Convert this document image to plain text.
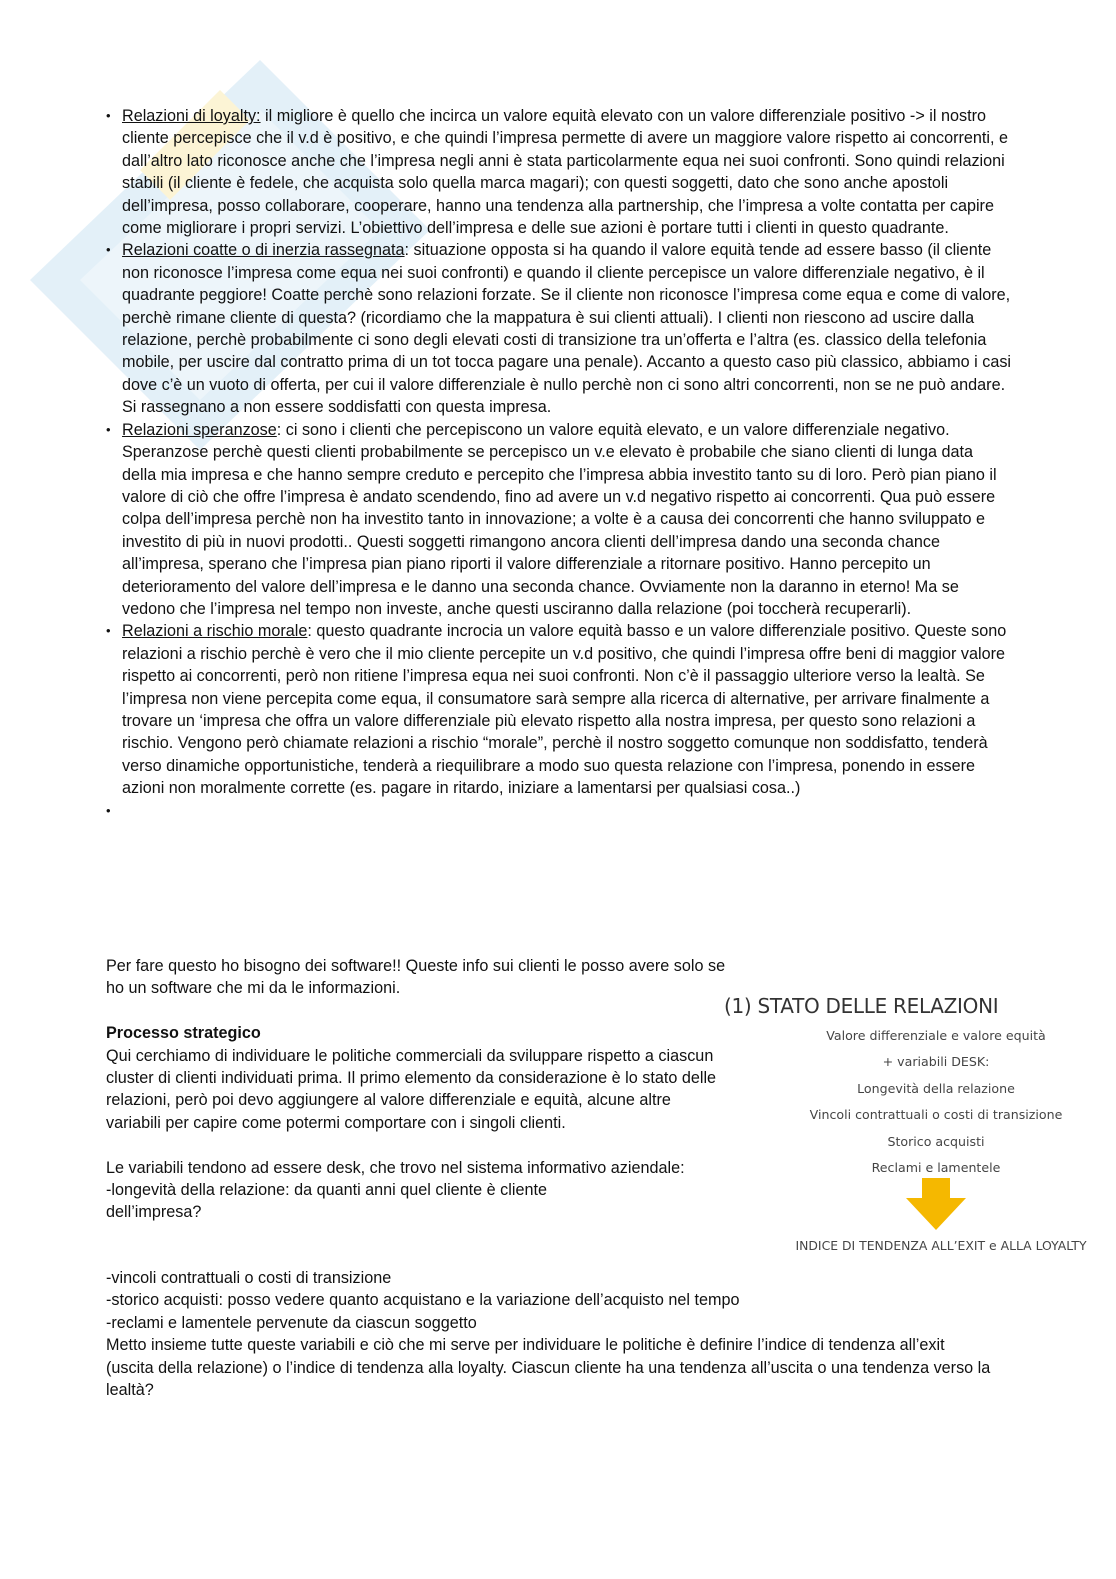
• Relazioni di loyalty: il migliore è quello che incirca un valore equità elevato con un valore differenziale positivo -> il nostro cliente percepisce che il v.d è positivo, e che quindi l’impresa permette di avere un maggiore valore rispetto ai concorrenti, e dall’altro lato riconosce anche che l’impresa negli anni è stata particolarmente equa nei suoi confronti. Sono quindi relazioni stabili (il cliente è fedele, che acquista solo quella marca magari); con questi soggetti, dato che sono anche apostoli dell’impresa, posso collaborare, cooperare, hanno una tendenza alla partnership, che l’impresa a volte contatta per capire come migliorare i propri servizi. L’obiettivo dell’impresa e delle sue azioni è portare tutti i clienti in questo quadrante.
• Relazioni coatte o di inerzia rassegnata: situazione opposta si ha quando il valore equità tende ad essere basso (il cliente non riconosce l’impresa come equa nei suoi confronti) e quando il cliente percepisce un valore differenziale negativo, è il quadrante peggiore! Coatte perchè sono relazioni forzate. Se il cliente non riconosce l’impresa come equa e come di valore, perchè rimane cliente di questa? (ricordiamo che la mappatura è sui clienti attuali). I clienti non riescono ad uscire dalla relazione, perchè probabilmente ci sono degli elevati costi di transizione tra un’offerta e l’altra (es. classico della telefonia mobile, per uscire dal contratto prima di un tot tocca pagare una penale). Accanto a questo caso più classico, abbiamo i casi dove c’è un vuoto di offerta, per cui il valore differenziale è nullo perchè non ci sono altri concorrenti, non se ne può andare. Si rassegnano a non essere soddisfatti con questa impresa.
• Relazioni speranzose: ci sono i clienti che percepiscono un valore equità elevato, e un valore differenziale negativo. Speranzose perchè questi clienti probabilmente se percepisco un v.e elevato è probabile che siano clienti di lunga data della mia impresa e che hanno sempre creduto e percepito che l’impresa abbia investito tanto su di loro. Però pian piano il valore di ciò che offre l’impresa è andato scendendo, fino ad avere un v.d negativo rispetto ai concorrenti. Qua può essere colpa dell’impresa perchè non ha investito tanto in innovazione; a volte è a causa dei concorrenti che hanno sviluppato e investito di più in nuovi prodotti.. Questi soggetti rimangono ancora clienti dell’impresa dando una seconda chance all’impresa, sperano che l’impresa pian piano riporti il valore differenziale a ritornare positivo. Hanno percepito un deterioramento del valore dell’impresa e le danno una seconda chance. Ovviamente non la daranno in eterno! Ma se vedono che l’impresa nel tempo non investe, anche questi usciranno dalla relazione (poi toccherà recuperarli).
• Relazioni a rischio morale: questo quadrante incrocia un valore equità basso e un valore differenziale positivo. Queste sono relazioni a rischio perchè è vero che il mio cliente percepite un v.d positivo, che quindi l’impresa offre beni di maggior valore rispetto ai concorrenti, però non ritiene l’impresa equa nei suoi confronti. Non c’è il passaggio ulteriore verso la lealtà. Se l’impresa non viene percepita come equa, il consumatore sarà sempre alla ricerca di alternative, per arrivare finalmente a trovare un ‘impresa che offra un valore differenziale più elevato rispetto alla nostra impresa, per questo sono relazioni a rischio. Vengono però chiamate relazioni a rischio “morale”, perchè il nostro soggetto comunque non soddisfatto, tenderà verso dinamiche opportunistiche, tenderà a riequilibrare a modo suo questa relazione con l’impresa, ponendo in essere azioni non moralmente corrette (es. pagare in ritardo, iniziare a lamentarsi per qualsiasi cosa..)
•

Per fare questo ho bisogno dei software!! Queste info sui clienti le posso avere solo se ho un software che mi da le informazioni.

Processo strategico

Qui cerchiamo di individuare le politiche commerciali da sviluppare rispetto a ciascun cluster di clienti individuati prima. Il primo elemento da considerazione è lo stato delle relazioni, però poi devo aggiungere al valore differenziale e equità, alcune altre variabili per capire come potermi comportare con i singoli clienti.

Le variabili tendono ad essere desk, che trovo nel sistema informativo aziendale:

-longevità della relazione: da quanti anni quel cliente è cliente dell’impresa?

-vincoli contrattuali o costi di transizione

-storico acquisti: posso vedere quanto acquistano e la variazione dell’acquisto nel tempo

-reclami e lamentele pervenute da ciascun soggetto

Metto insieme tutte queste variabili e ciò che mi serve per individuare le politiche è definire l’indice di tendenza all’exit (uscita della relazione) o l’indice di tendenza alla loyalty. Ciascun cliente ha una tendenza all’uscita o una tendenza verso la lealtà?

(1) STATO DELLE RELAZIONI
Valore differenziale e valore equità
+ variabili DESK:
Longevità della relazione
Vincoli contrattuali o costi di transizione
Storico acquisti
Reclami e lamentele
INDICE DI TENDENZA ALL’EXIT e ALLA LOYALTY
